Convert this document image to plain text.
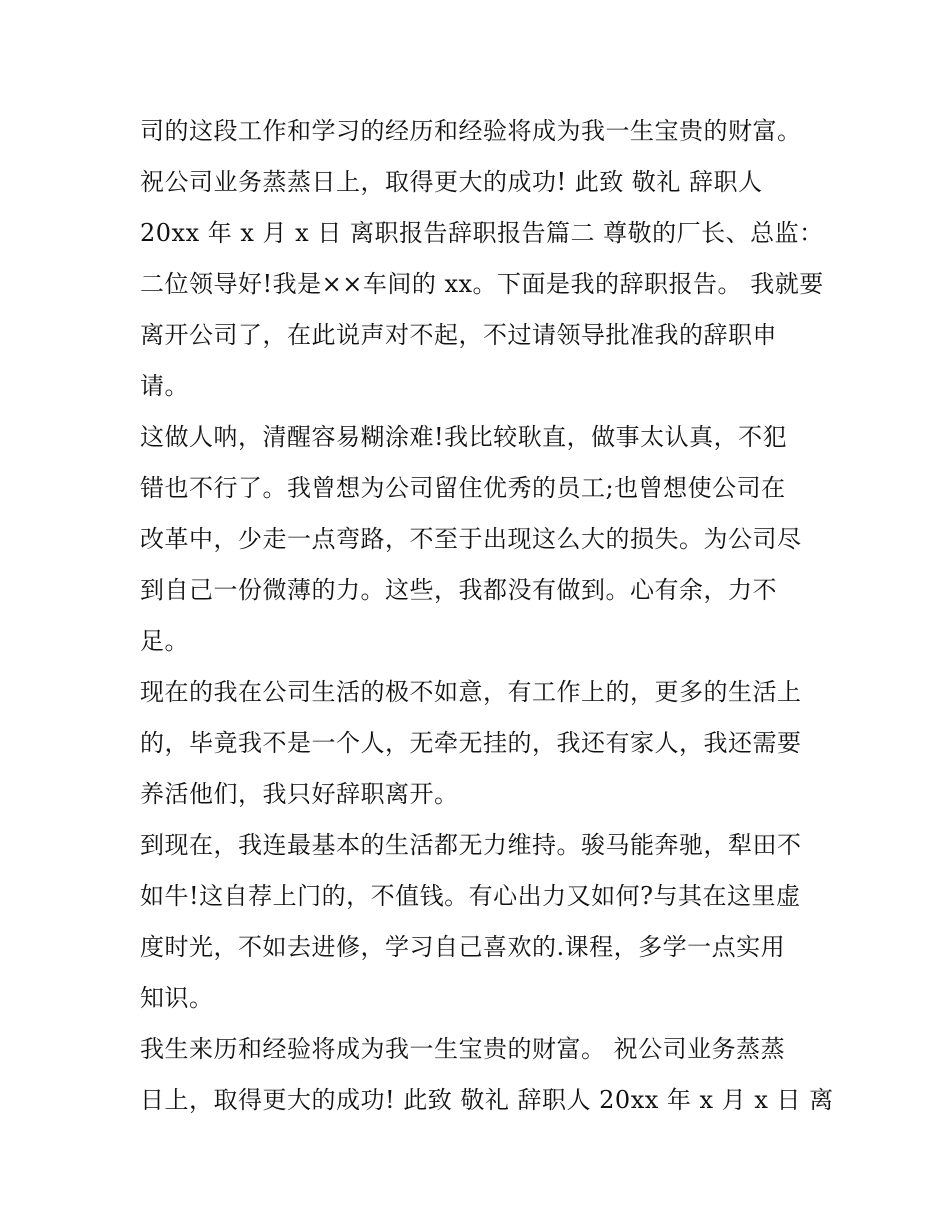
司的这段工作和学习的经历和经验将成为我一生宝贵的财富。
祝公司业务蒸蒸日上，取得更大的成功! 此致 敬礼 辞职人
20xx 年 x 月 x 日 离职报告辞职报告篇二 尊敬的厂长、总监：
二位领导好!我是××车间的 xx。下面是我的辞职报告。 我就要
离开公司了，在此说声对不起，不过请领导批准我的辞职申
请。
这做人呐，清醒容易糊涂难!我比较耿直，做事太认真，不犯
错也不行了。我曾想为公司留住优秀的员工;也曾想使公司在
改革中，少走一点弯路，不至于出现这么大的损失。为公司尽
到自己一份微薄的力。这些，我都没有做到。心有余，力不
足。
现在的我在公司生活的极不如意，有工作上的，更多的生活上
的，毕竟我不是一个人，无牵无挂的，我还有家人，我还需要
养活他们，我只好辞职离开。
到现在，我连最基本的生活都无力维持。骏马能奔驰，犁田不
如牛!这自荐上门的，不值钱。有心出力又如何?与其在这里虚
度时光，不如去进修，学习自己喜欢的.课程，多学一点实用
知识。
我生来历和经验将成为我一生宝贵的财富。 祝公司业务蒸蒸
日上，取得更大的成功! 此致 敬礼 辞职人 20xx 年 x 月 x 日 离
